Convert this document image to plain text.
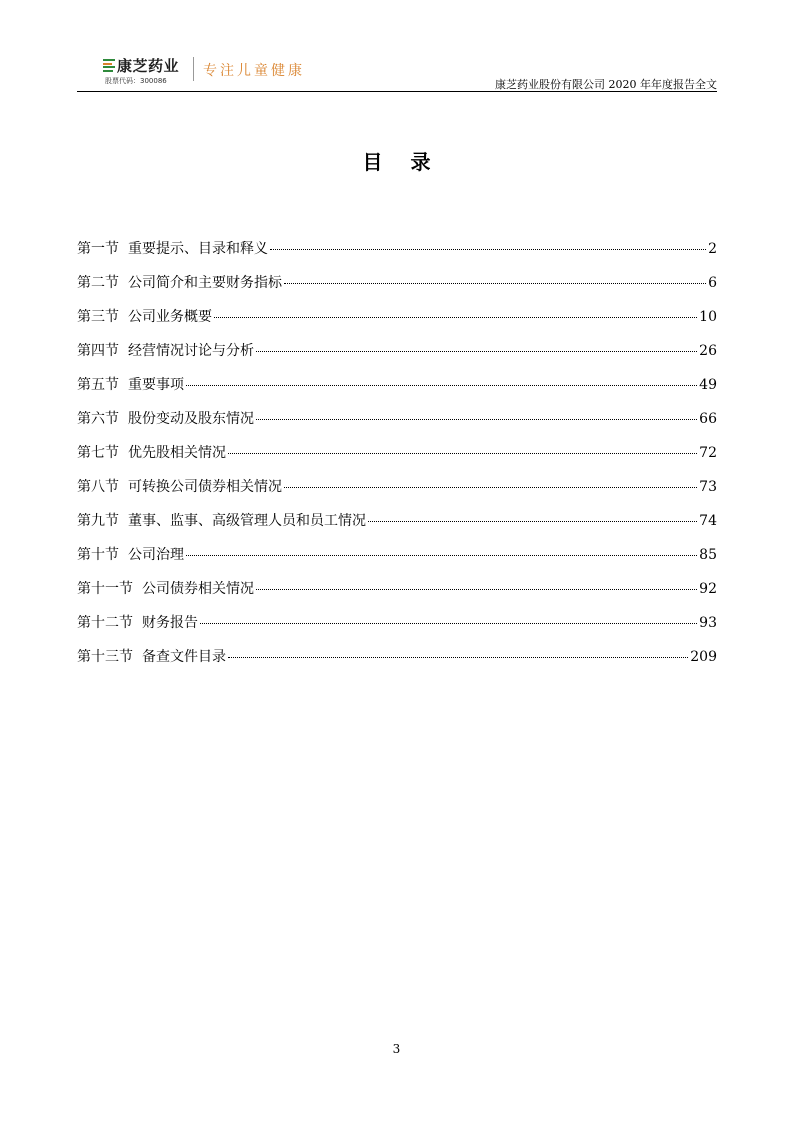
康芝药业
股票代码：300086
专注儿童健康
康芝药业股份有限公司 2020 年年度报告全文
目录
第一节 重要提示、目录和释义	2
第二节 公司简介和主要财务指标	6
第三节 公司业务概要	10
第四节 经营情况讨论与分析	26
第五节 重要事项	49
第六节 股份变动及股东情况	66
第七节 优先股相关情况	72
第八节 可转换公司债券相关情况	73
第九节 董事、监事、高级管理人员和员工情况	74
第十节 公司治理	85
第十一节 公司债券相关情况	92
第十二节 财务报告	93
第十三节 备查文件目录	209
3
